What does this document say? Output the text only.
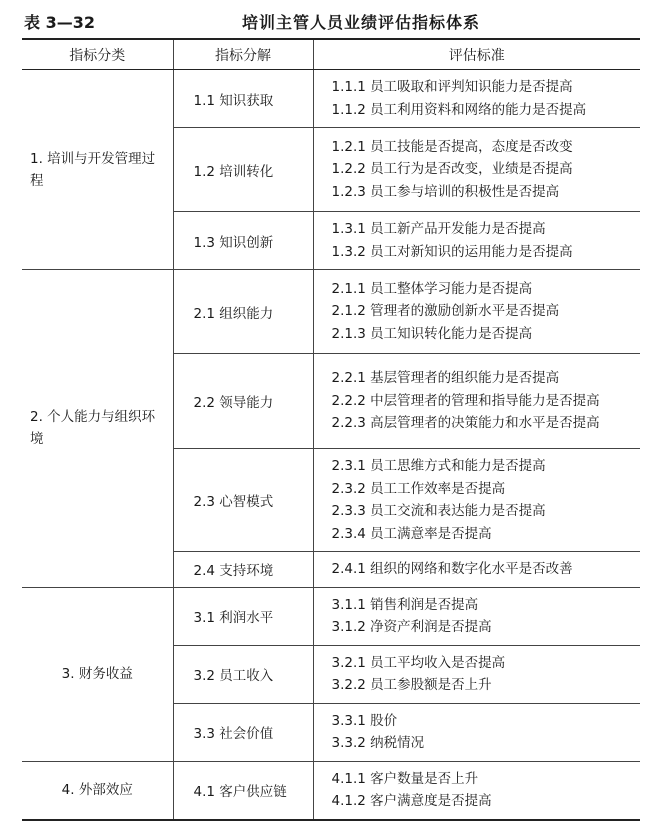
表 3—32	培训主管人员业绩评估指标体系
指标分类	指标分解	评估标准
1. 培训与开发管理过程	1.1 知识获取	1.1.1 员工吸取和评判知识能力是否提高
1.1.2 员工利用资料和网络的能力是否提高

	1.2 培训转化	1.2.1 员工技能是否提高，态度是否改变
1.2.2 员工行为是否改变，业绩是否提高
1.2.3 员工参与培训的积极性是否提高

	1.3 知识创新	1.3.1 员工新产品开发能力是否提高
1.3.2 员工对新知识的运用能力是否提高

2. 个人能力与组织环境	2.1 组织能力	2.1.1 员工整体学习能力是否提高
2.1.2 管理者的激励创新水平是否提高
2.1.3 员工知识转化能力是否提高

	2.2 领导能力	2.2.1 基层管理者的组织能力是否提高
2.2.2 中层管理者的管理和指导能力是否提高
2.2.3 高层管理者的决策能力和水平是否提高

	2.3 心智模式	2.3.1 员工思维方式和能力是否提高
2.3.2 员工工作效率是否提高
2.3.3 员工交流和表达能力是否提高
2.3.4 员工满意率是否提高

	2.4 支持环境	2.4.1 组织的网络和数字化水平是否改善

3. 财务收益	3.1 利润水平	3.1.1 销售利润是否提高
3.1.2 净资产利润是否提高

	3.2 员工收入	3.2.1 员工平均收入是否提高
3.2.2 员工参股额是否上升

	3.3 社会价值	3.3.1 股价
3.3.2 纳税情况

4. 外部效应	4.1 客户供应链	4.1.1 客户数量是否上升
4.1.2 客户满意度是否提高
